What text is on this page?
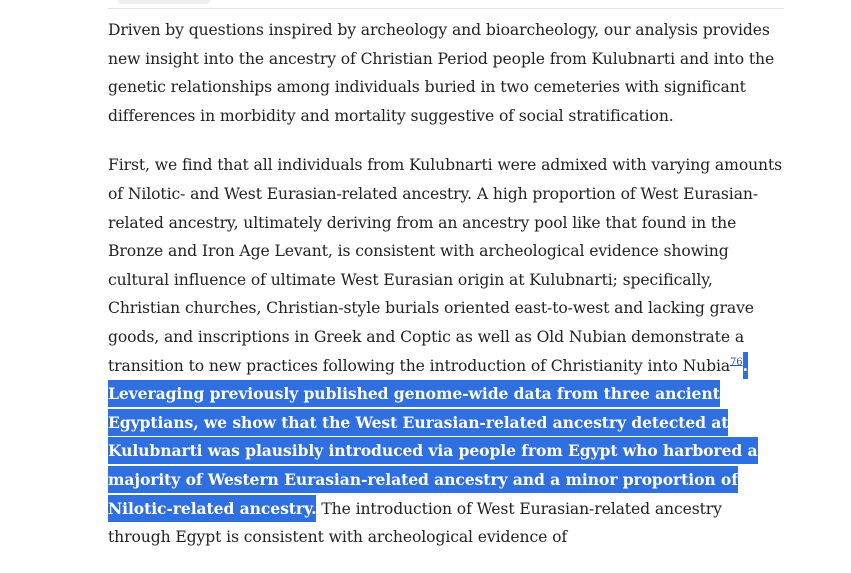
Driven by questions inspired by archeology and bioarcheology, our analysis provides new insight into the ancestry of Christian Period people from Kulubnarti and into the genetic relationships among individuals buried in two cemeteries with significant differences in morbidity and mortality suggestive of social stratification.

First, we find that all individuals from Kulubnarti were admixed with varying amounts of Nilotic- and West Eurasian-related ancestry. A high proportion of West Eurasian-related ancestry, ultimately deriving from an ancestry pool like that found in the Bronze and Iron Age Levant, is consistent with archeological evidence showing cultural influence of ultimate West Eurasian origin at Kulubnarti; specifically, Christian churches, Christian-style burials oriented east-to-west and lacking grave goods, and inscriptions in Greek and Coptic as well as Old Nubian demonstrate a transition to new practices following the introduction of Christianity into Nubia$^{76}$. Leveraging previously published genome-wide data from three ancient Egyptians, we show that the West Eurasian-related ancestry detected at Kulubnarti was plausibly introduced via people from Egypt who harbored a majority of Western Eurasian-related ancestry and a minor proportion of Nilotic-related ancestry. The introduction of West Eurasian-related ancestry through Egypt is consistent with archeological evidence of
